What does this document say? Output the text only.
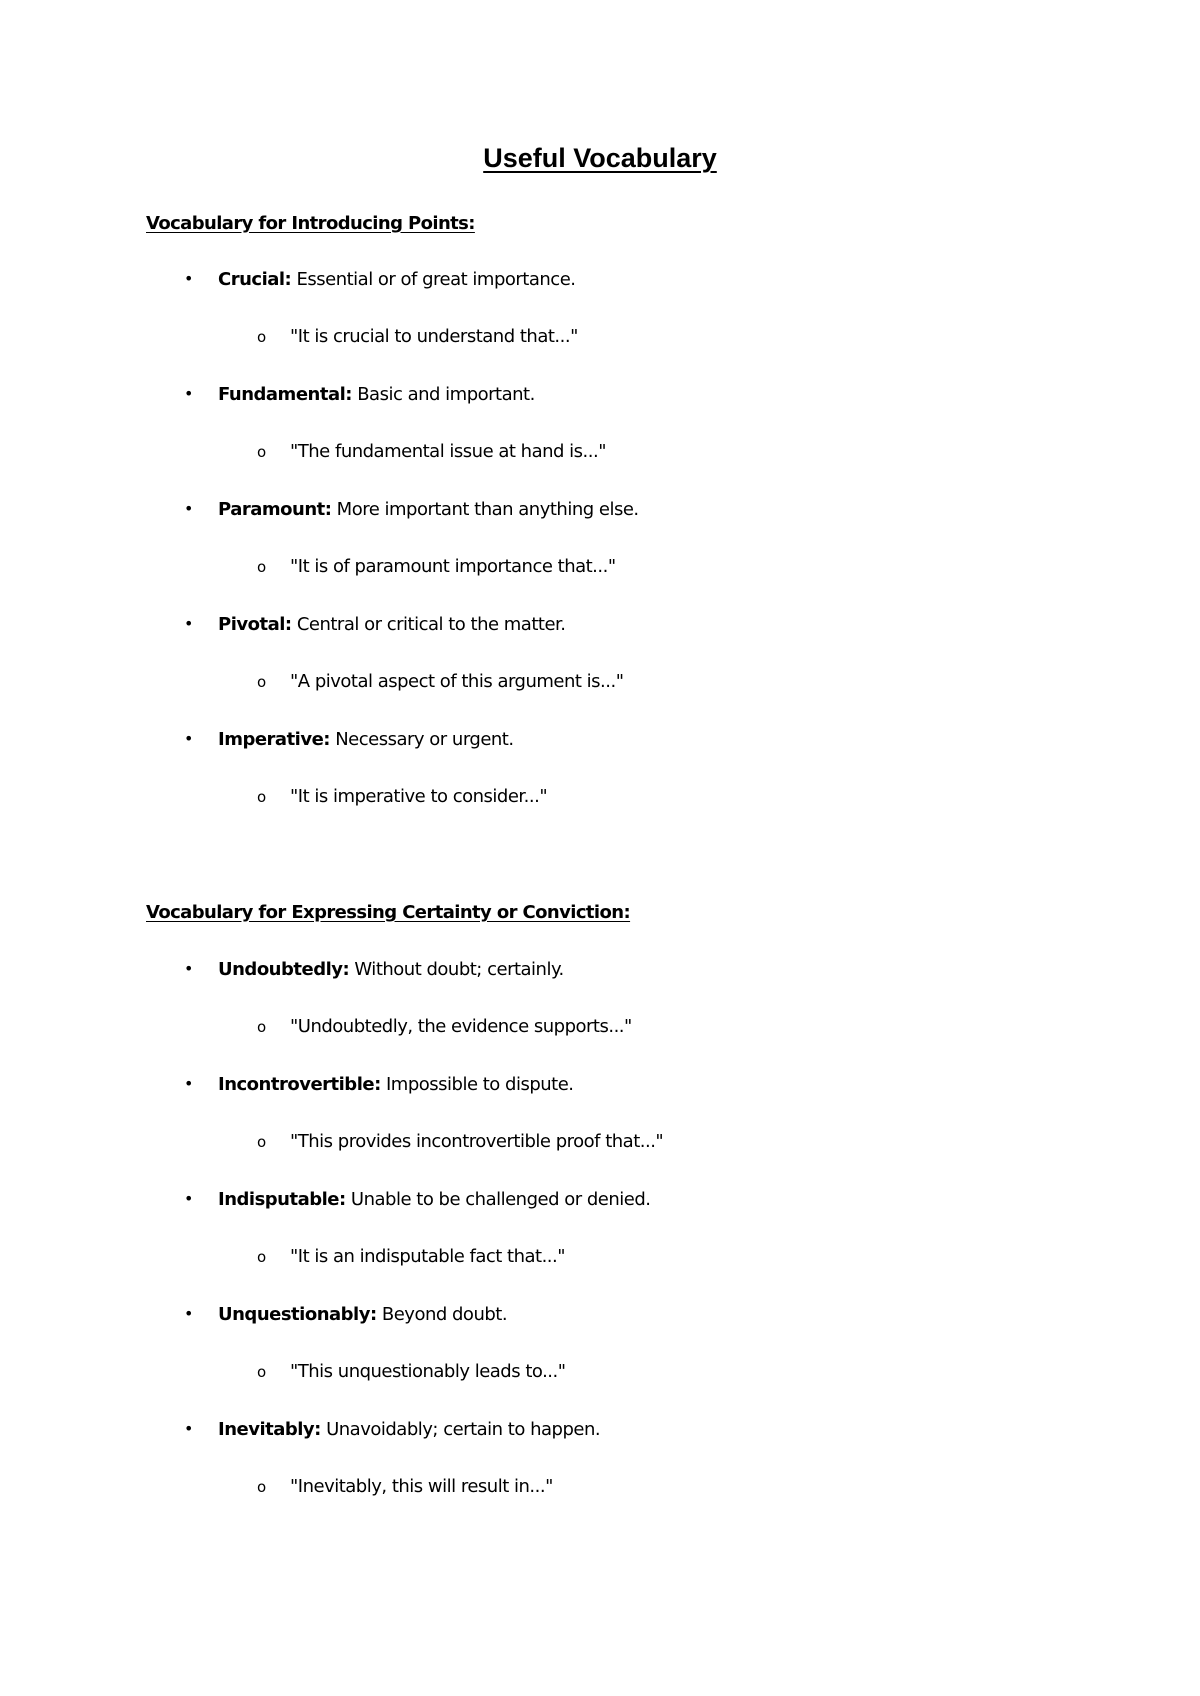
Useful Vocabulary
Vocabulary for Introducing Points:
• Crucial: Essential or of great importance.
o "It is crucial to understand that..."
• Fundamental: Basic and important.
o "The fundamental issue at hand is..."
• Paramount: More important than anything else.
o "It is of paramount importance that..."
• Pivotal: Central or critical to the matter.
o "A pivotal aspect of this argument is..."
• Imperative: Necessary or urgent.
o "It is imperative to consider..."
Vocabulary for Expressing Certainty or Conviction:
• Undoubtedly: Without doubt; certainly.
o "Undoubtedly, the evidence supports..."
• Incontrovertible: Impossible to dispute.
o "This provides incontrovertible proof that..."
• Indisputable: Unable to be challenged or denied.
o "It is an indisputable fact that..."
• Unquestionably: Beyond doubt.
o "This unquestionably leads to..."
• Inevitably: Unavoidably; certain to happen.
o "Inevitably, this will result in..."
